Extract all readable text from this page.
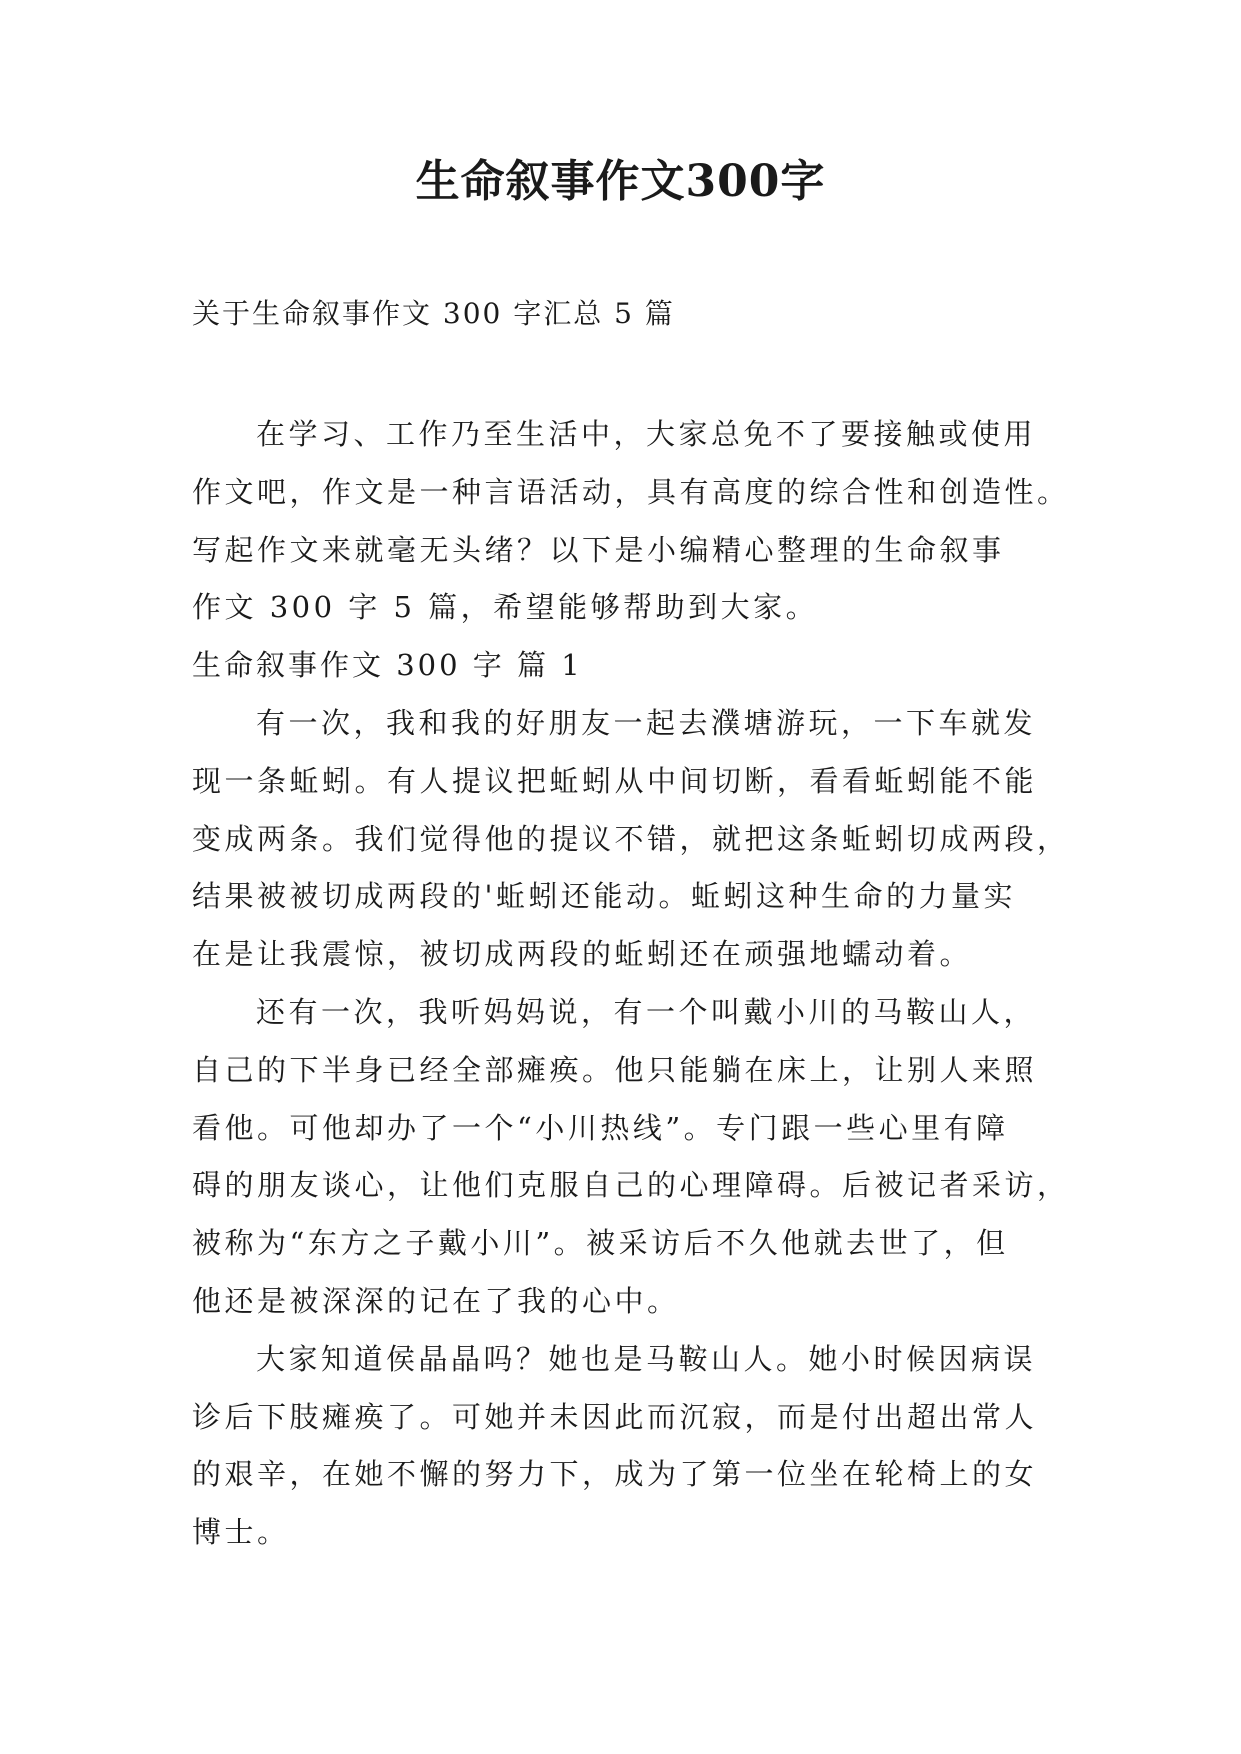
生命叙事作文300字
关于生命叙事作文 300 字汇总 5 篇

在学习、工作乃至生活中，大家总免不了要接触或使用
作文吧，作文是一种言语活动，具有高度的综合性和创造性。
写起作文来就毫无头绪？以下是小编精心整理的生命叙事
作文 300 字 5 篇，希望能够帮助到大家。

生命叙事作文 300 字 篇 1

有一次，我和我的好朋友一起去濮塘游玩，一下车就发
现一条蚯蚓。有人提议把蚯蚓从中间切断，看看蚯蚓能不能
变成两条。我们觉得他的提议不错，就把这条蚯蚓切成两段，
结果被被切成两段的'蚯蚓还能动。蚯蚓这种生命的力量实
在是让我震惊，被切成两段的蚯蚓还在顽强地蠕动着。

还有一次，我听妈妈说，有一个叫戴小川的马鞍山人，
自己的下半身已经全部瘫痪。他只能躺在床上，让别人来照
看他。可他却办了一个“小川热线”。专门跟一些心里有障
碍的朋友谈心，让他们克服自己的心理障碍。后被记者采访，
被称为“东方之子戴小川”。被采访后不久他就去世了，但
他还是被深深的记在了我的心中。

大家知道侯晶晶吗？她也是马鞍山人。她小时候因病误
诊后下肢瘫痪了。可她并未因此而沉寂，而是付出超出常人
的艰辛，在她不懈的努力下，成为了第一位坐在轮椅上的女
博士。
